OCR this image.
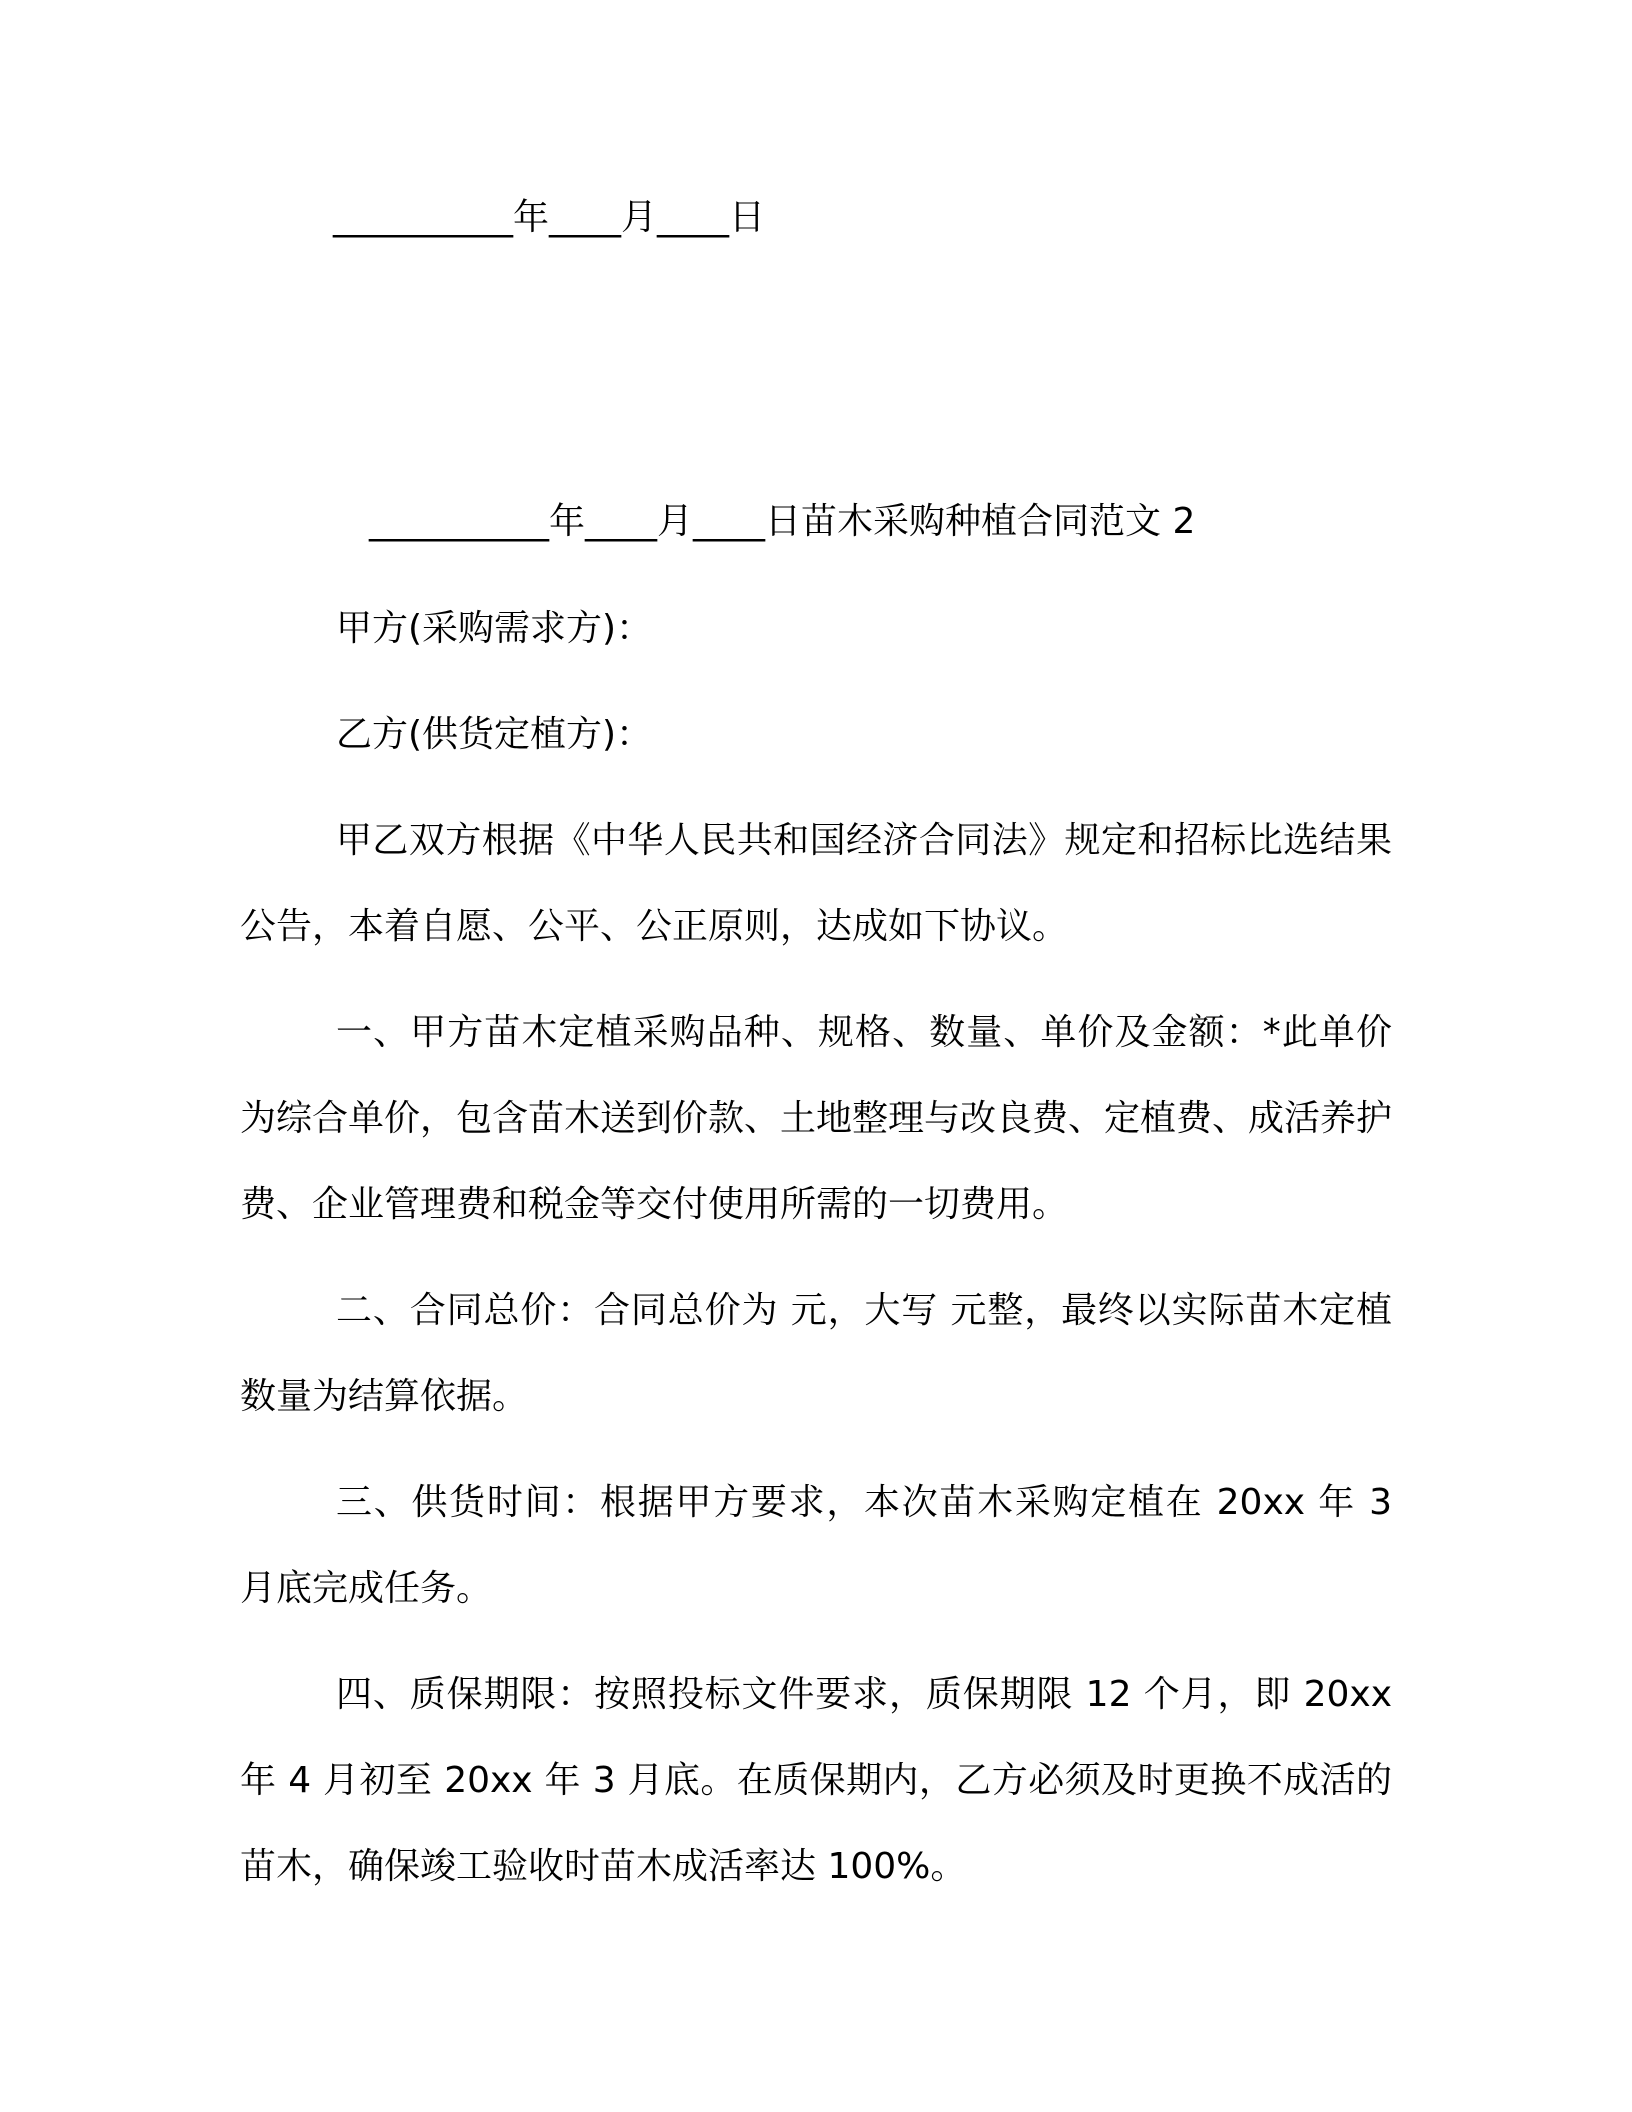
__________年____月____日
__________年____月____日苗木采购种植合同范文 2

甲方(采购需求方)：

乙方(供货定植方)：

甲乙双方根据《中华人民共和国经济合同法》规定和招标比选结果公告，本着自愿、公平、公正原则，达成如下协议。

一、甲方苗木定植采购品种、规格、数量、单价及金额：*此单价为综合单价，包含苗木送到价款、土地整理与改良费、定植费、成活养护费、企业管理费和税金等交付使用所需的一切费用。

二、合同总价：合同总价为 元，大写 元整，最终以实际苗木定植数量为结算依据。

三、供货时间：根据甲方要求，本次苗木采购定植在 20xx 年 3 月底完成任务。

四、质保期限：按照投标文件要求，质保期限 12 个月，即 20xx 年 4 月初至 20xx 年 3 月底。在质保期内，乙方必须及时更换不成活的苗木，确保竣工验收时苗木成活率达 100%。
